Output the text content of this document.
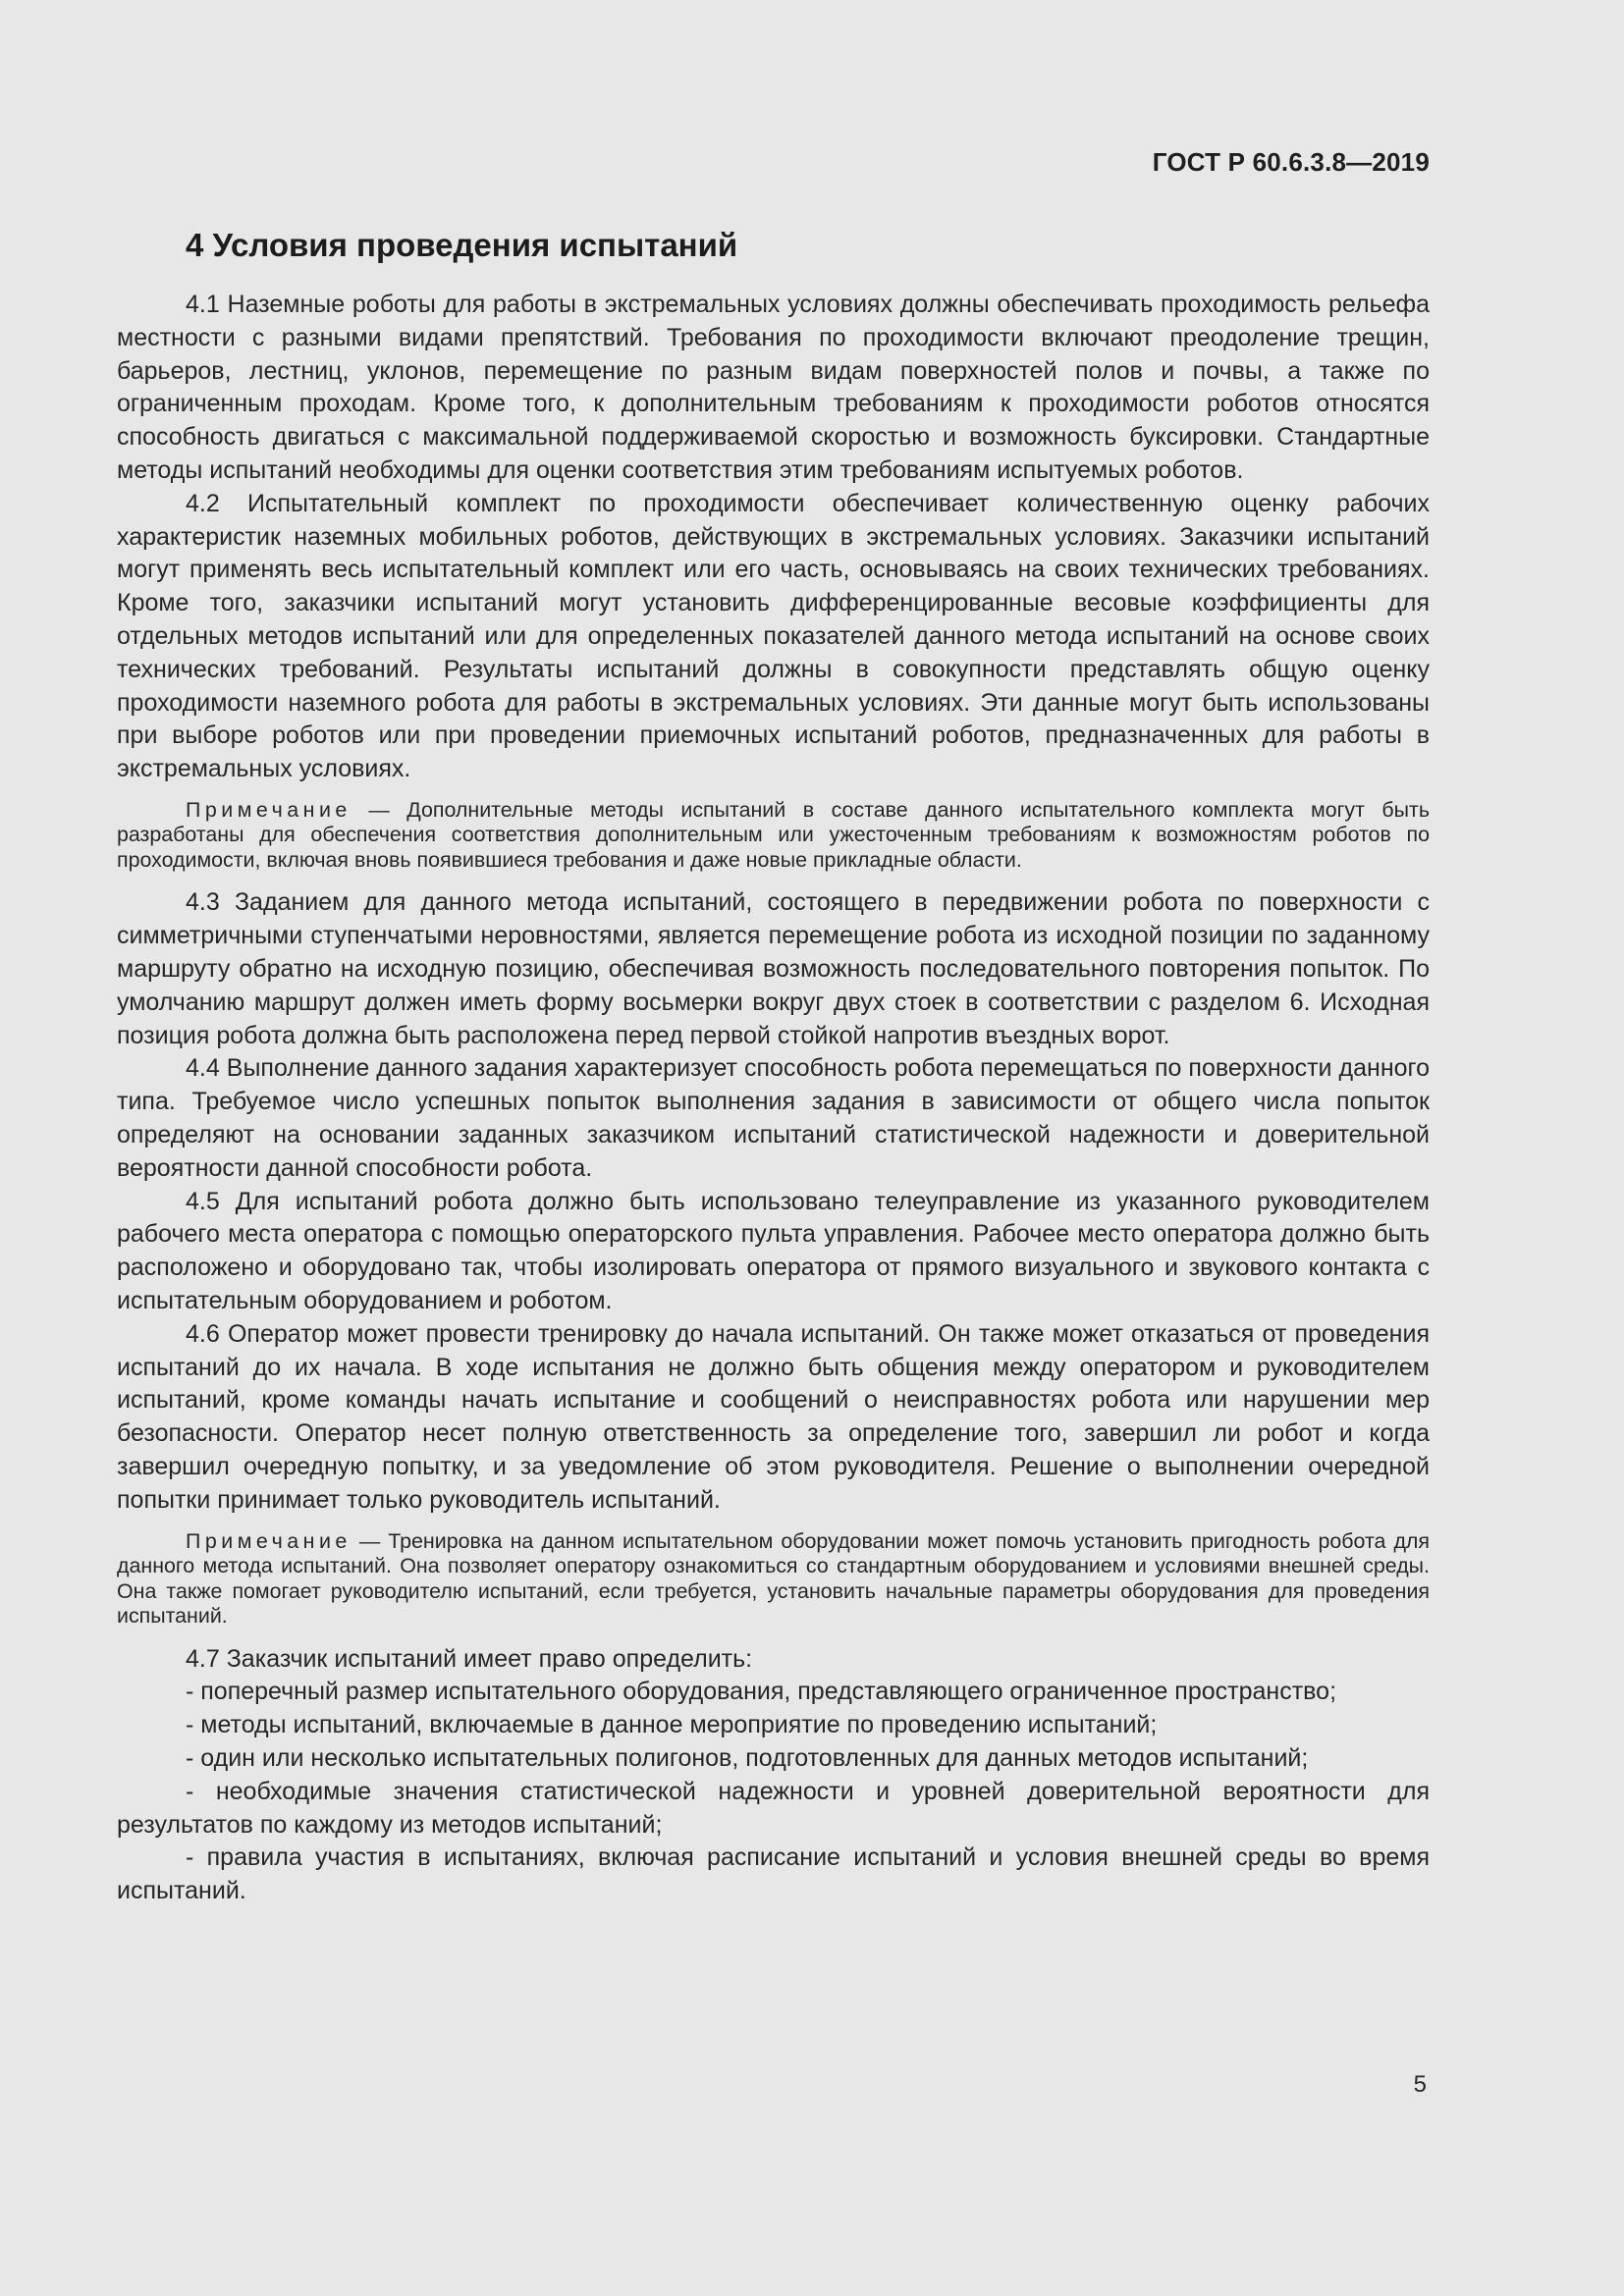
ГОСТ Р 60.6.3.8—2019
4 Условия проведения испытаний

4.1 Наземные роботы для работы в экстремальных условиях должны обеспечивать проходимость рельефа местности с разными видами препятствий. Требования по проходимости включают преодоление трещин, барьеров, лестниц, уклонов, перемещение по разным видам поверхностей полов и почвы, а также по ограниченным проходам. Кроме того, к дополнительным требованиям к проходимости роботов относятся способность двигаться с максимальной поддерживаемой скоростью и возможность буксировки. Стандартные методы испытаний необходимы для оценки соответствия этим требованиям испытуемых роботов.

4.2 Испытательный комплект по проходимости обеспечивает количественную оценку рабочих характеристик наземных мобильных роботов, действующих в экстремальных условиях. Заказчики испытаний могут применять весь испытательный комплект или его часть, основываясь на своих технических требованиях. Кроме того, заказчики испытаний могут установить дифференцированные весовые коэффициенты для отдельных методов испытаний или для определенных показателей данного метода испытаний на основе своих технических требований. Результаты испытаний должны в совокупности представлять общую оценку проходимости наземного робота для работы в экстремальных условиях. Эти данные могут быть использованы при выборе роботов или при проведении приемочных испытаний роботов, предназначенных для работы в экстремальных условиях.

Примечание — Дополнительные методы испытаний в составе данного испытательного комплекта могут быть разработаны для обеспечения соответствия дополнительным или ужесточенным требованиям к возможностям роботов по проходимости, включая вновь появившиеся требования и даже новые прикладные области.

4.3 Заданием для данного метода испытаний, состоящего в передвижении робота по поверхности с симметричными ступенчатыми неровностями, является перемещение робота из исходной позиции по заданному маршруту обратно на исходную позицию, обеспечивая возможность последовательного повторения попыток. По умолчанию маршрут должен иметь форму восьмерки вокруг двух стоек в соответствии с разделом 6. Исходная позиция робота должна быть расположена перед первой стойкой напротив въездных ворот.

4.4 Выполнение данного задания характеризует способность робота перемещаться по поверхности данного типа. Требуемое число успешных попыток выполнения задания в зависимости от общего числа попыток определяют на основании заданных заказчиком испытаний статистической надежности и доверительной вероятности данной способности робота.

4.5 Для испытаний робота должно быть использовано телеуправление из указанного руководителем рабочего места оператора с помощью операторского пульта управления. Рабочее место оператора должно быть расположено и оборудовано так, чтобы изолировать оператора от прямого визуального и звукового контакта с испытательным оборудованием и роботом.

4.6 Оператор может провести тренировку до начала испытаний. Он также может отказаться от проведения испытаний до их начала. В ходе испытания не должно быть общения между оператором и руководителем испытаний, кроме команды начать испытание и сообщений о неисправностях робота или нарушении мер безопасности. Оператор несет полную ответственность за определение того, завершил ли робот и когда завершил очередную попытку, и за уведомление об этом руководителя. Решение о выполнении очередной попытки принимает только руководитель испытаний.

Примечание — Тренировка на данном испытательном оборудовании может помочь установить пригодность робота для данного метода испытаний. Она позволяет оператору ознакомиться со стандартным оборудованием и условиями внешней среды. Она также помогает руководителю испытаний, если требуется, установить начальные параметры оборудования для проведения испытаний.

4.7 Заказчик испытаний имеет право определить:

- поперечный размер испытательного оборудования, представляющего ограниченное пространство;

- методы испытаний, включаемые в данное мероприятие по проведению испытаний;

- один или несколько испытательных полигонов, подготовленных для данных методов испытаний;

- необходимые значения статистической надежности и уровней доверительной вероятности для результатов по каждому из методов испытаний;

- правила участия в испытаниях, включая расписание испытаний и условия внешней среды во время испытаний.

5
